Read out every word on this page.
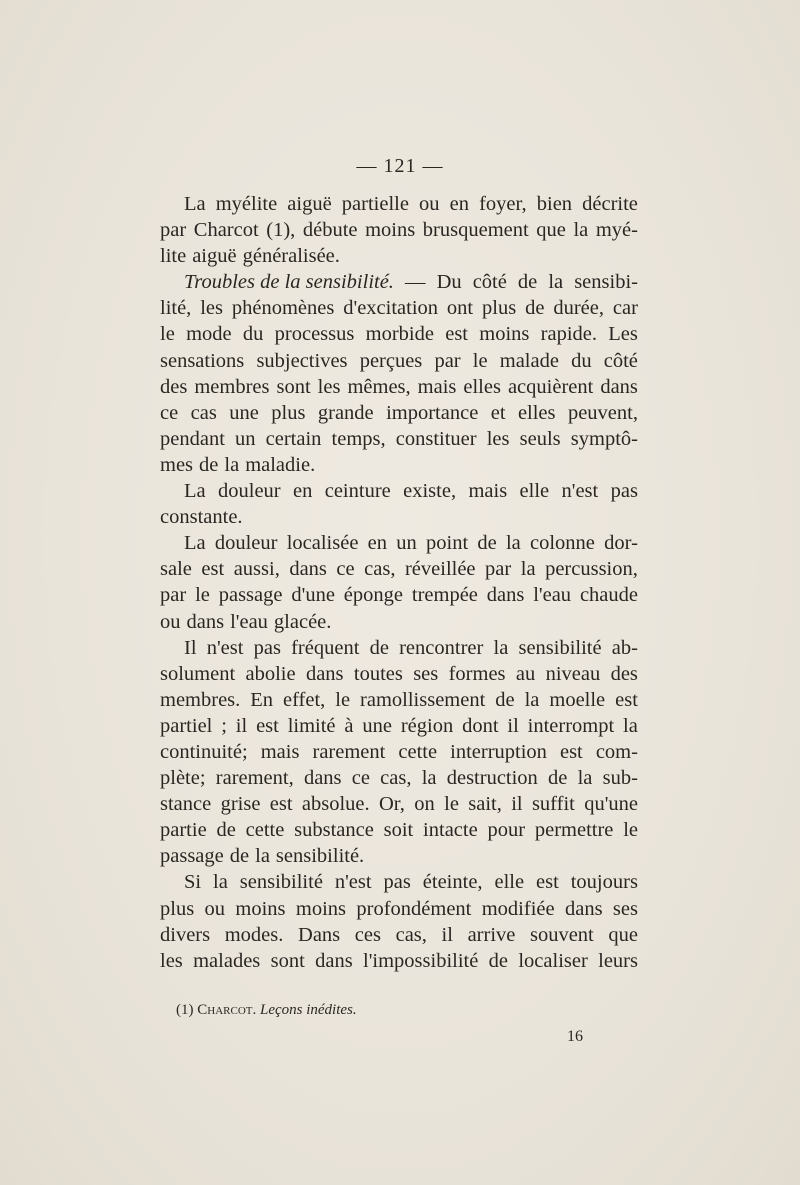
— 121 —
La myélite aiguë partielle ou en foyer, bien décrite
par Charcot (1), débute moins brusquement que la myé-
lite aiguë généralisée.
Troubles de la sensibilité. — Du côté de la sensibi-
lité, les phénomènes d'excitation ont plus de durée, car
le mode du processus morbide est moins rapide. Les
sensations subjectives perçues par le malade du côté
des membres sont les mêmes, mais elles acquièrent dans
ce cas une plus grande importance et elles peuvent,
pendant un certain temps, constituer les seuls symptô-
mes de la maladie.
La douleur en ceinture existe, mais elle n'est pas
constante.
La douleur localisée en un point de la colonne dor-
sale est aussi, dans ce cas, réveillée par la percussion,
par le passage d'une éponge trempée dans l'eau chaude
ou dans l'eau glacée.
Il n'est pas fréquent de rencontrer la sensibilité ab-
solument abolie dans toutes ses formes au niveau des
membres. En effet, le ramollissement de la moelle est
partiel ; il est limité à une région dont il interrompt la
continuité; mais rarement cette interruption est com-
plète; rarement, dans ce cas, la destruction de la sub-
stance grise est absolue. Or, on le sait, il suffit qu'une
partie de cette substance soit intacte pour permettre le
passage de la sensibilité.
Si la sensibilité n'est pas éteinte, elle est toujours
plus ou moins moins profondément modifiée dans ses
divers modes. Dans ces cas, il arrive souvent que
les malades sont dans l'impossibilité de localiser leurs
(1) Charcot. Leçons inédites.
16
